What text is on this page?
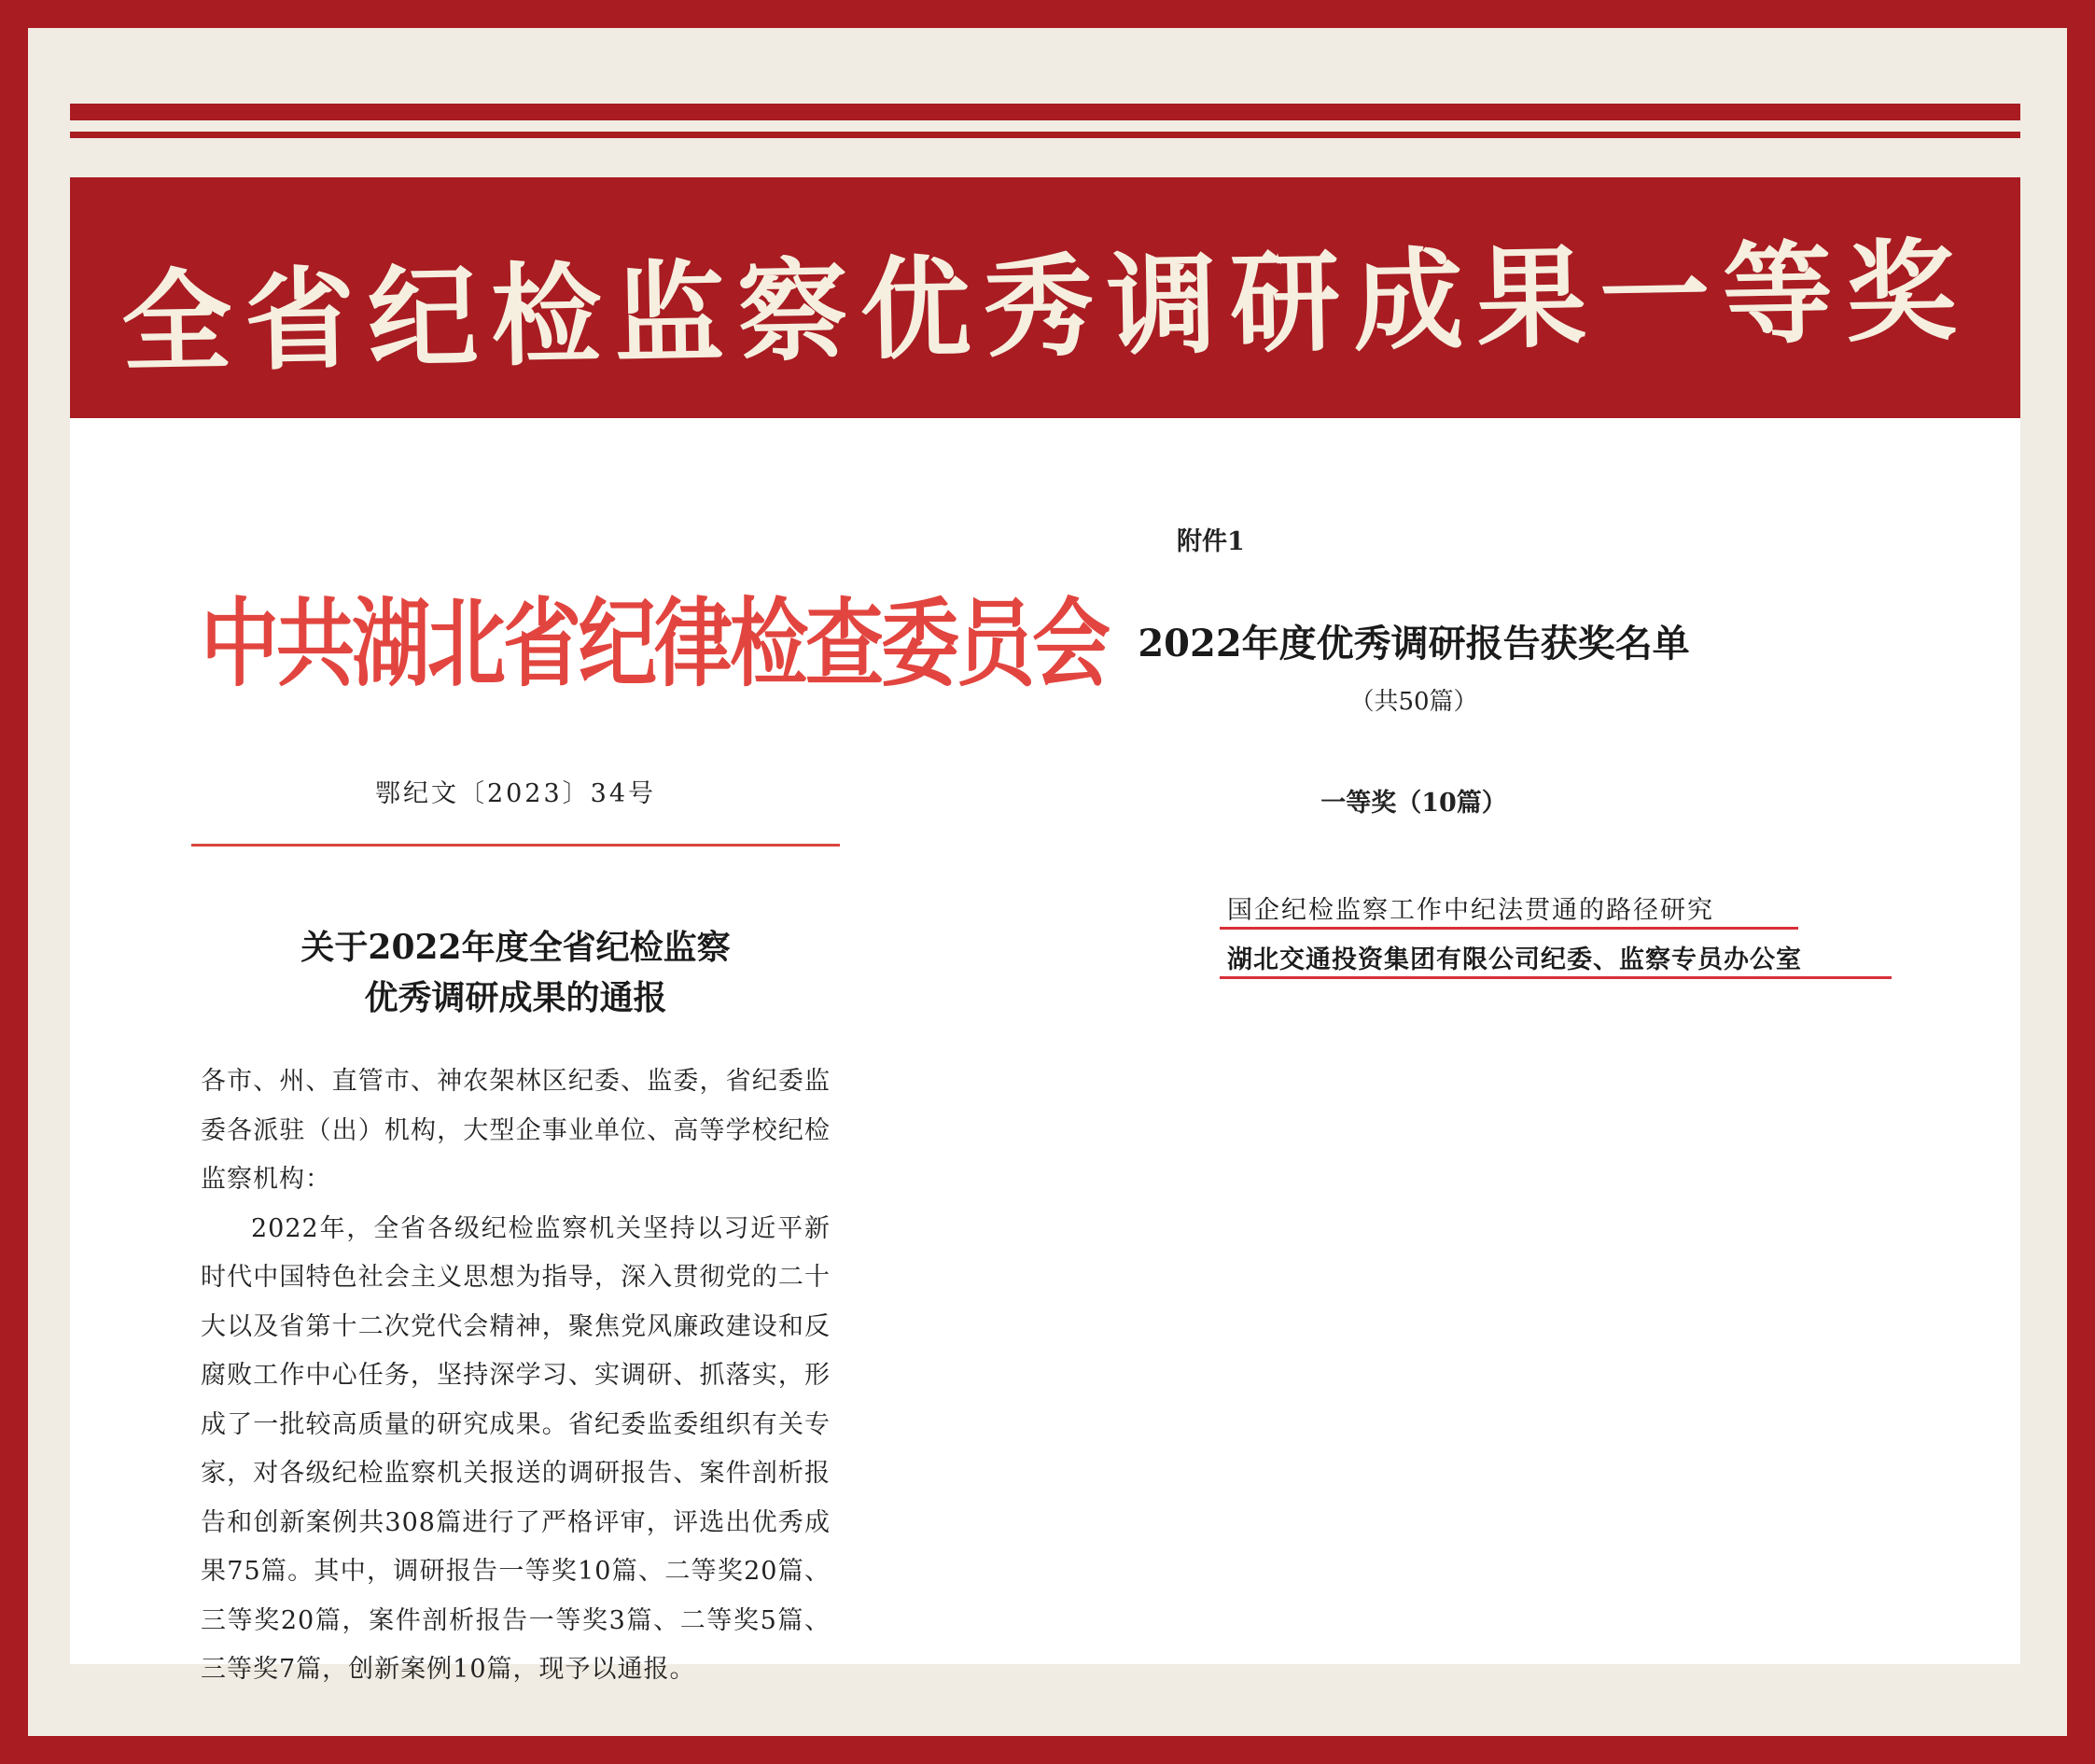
全省纪检监察优秀调研成果一等奖
中共湖北省纪律检查委员会
鄂纪文〔2023〕34号
关于2022年度全省纪检监察
优秀调研成果的通报

各市、州、直管市、神农架林区纪委、监委，省纪委监委各派驻（出）机构，大型企事业单位、高等学校纪检监察机构：

2022年，全省各级纪检监察机关坚持以习近平新时代中国特色社会主义思想为指导，深入贯彻党的二十大以及省第十二次党代会精神，聚焦党风廉政建设和反腐败工作中心任务，坚持深学习、实调研、抓落实，形成了一批较高质量的研究成果。省纪委监委组织有关专家，对各级纪检监察机关报送的调研报告、案件剖析报告和创新案例共308篇进行了严格评审，评选出优秀成果75篇。其中，调研报告一等奖10篇、二等奖20篇、三等奖20篇，案件剖析报告一等奖3篇、二等奖5篇、三等奖7篇，创新案例10篇，现予以通报。

附件1
2022年度优秀调研报告获奖名单
（共50篇）
一等奖（10篇）
国企纪检监察工作中纪法贯通的路径研究
湖北交通投资集团有限公司纪委、监察专员办公室
